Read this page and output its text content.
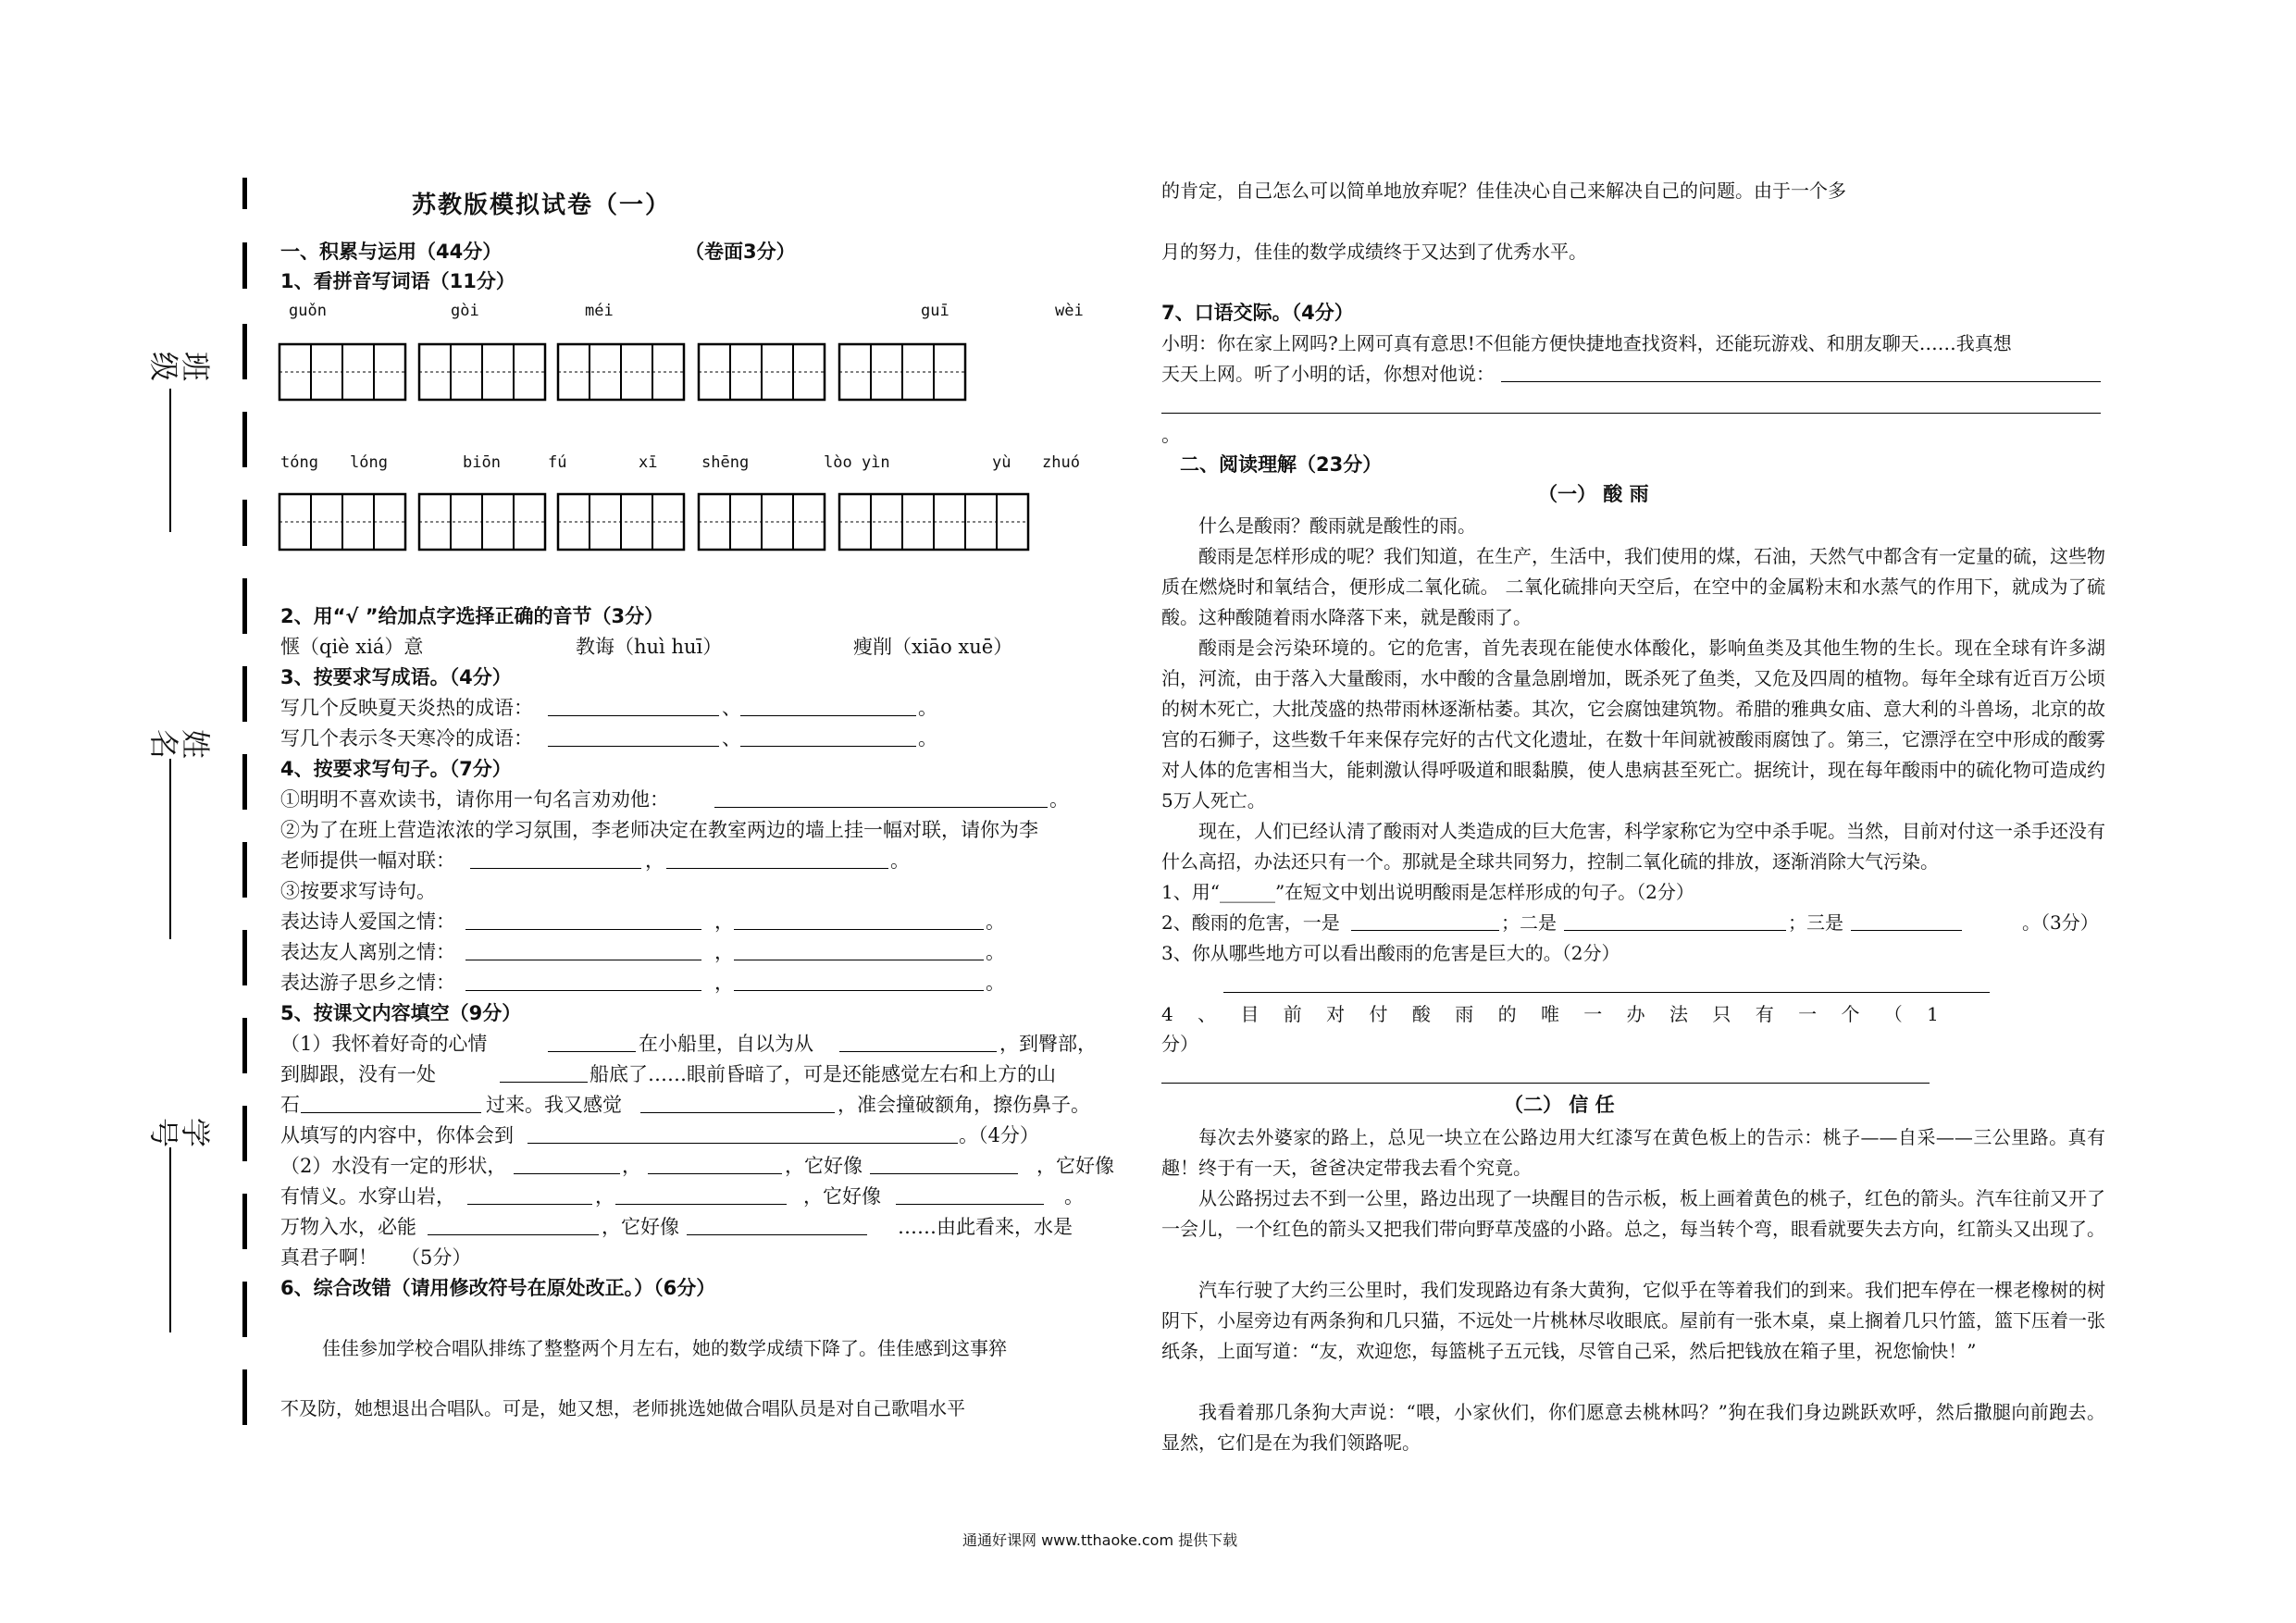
班级
姓名
学号
苏教版模拟试卷（一）
一、积累与运用（44分）	（卷面3分）
1、看拼音写词语（11分）
guǒn	gòi	méi	guī	wèi
tóng lóng	biōn	fú	xī	shēng	lòo yìn	yù zhuó
2、用“√ ”给加点字选择正确的音节（3分）
惬（qiè xiá）意	教诲（huì huī）	瘦削（xiāo xuē）
3、按要求写成语。（4分）
写几个反映夏天炎热的成语：	、	。
写几个表示冬天寒冷的成语：	、	。
4、按要求写句子。（7分）
①明明不喜欢读书，请你用一句名言劝劝他：	。
②为了在班上营造浓浓的学习氛围，李老师决定在教室两边的墙上挂一幅对联，请你为李
老师提供一幅对联：	，	。
③按要求写诗句。
表达诗人爱国之情：	，	。
表达友人离别之情：	，	。
表达游子思乡之情：	，	。
5、按课文内容填空（9分）
（1）我怀着好奇的心情	在小船里，自以为从	，到臀部，
到脚跟，没有一处	船底了……眼前昏暗了，可是还能感觉左右和上方的山
石	过来。我又感觉	，准会撞破额角，擦伤鼻子。
从填写的内容中，你体会到	。（4分）
（2）水没有一定的形状，	，	，它好像	，它好像
有情义。水穿山岩，	，	，它好像	。
万物入水，必能	，它好像	……由此看来，水是
真君子啊！ （5分）
6、综合改错（请用修改符号在原处改正。）（6分）
佳佳参加学校合唱队排练了整整两个月左右，她的数学成绩下降了。佳佳感到这事猝
不及防，她想退出合唱队。可是，她又想，老师挑选她做合唱队员是对自己歌唱水平
的肯定，自己怎么可以简单地放弃呢？佳佳决心自己来解决自己的问题。由于一个多
月的努力，佳佳的数学成绩终于又达到了优秀水平。
7、口语交际。（4分）
小明：你在家上网吗?上网可真有意思!不但能方便快捷地查找资料，还能玩游戏、和朋友聊天……我真想
天天上网。听了小明的话，你想对他说：
。
二、阅读理解（23分）
（一） 酸 雨
什么是酸雨？酸雨就是酸性的雨。
酸雨是怎样形成的呢？我们知道，在生产，生活中，我们使用的煤，石油，天然气中都含有一定量的硫，这些物质在燃烧时和氧结合，便形成二氧化硫。 二氧化硫排向天空后，在空中的金属粉末和水蒸气的作用下，就成为了硫酸。这种酸随着雨水降落下来，就是酸雨了。
酸雨是会污染环境的。它的危害，首先表现在能使水体酸化，影响鱼类及其他生物的生长。现在全球有许多湖泊，河流，由于落入大量酸雨，水中酸的含量急剧增加，既杀死了鱼类，又危及四周的植物。每年全球有近百万公顷的树木死亡，大批茂盛的热带雨林逐渐枯萎。其次，它会腐蚀建筑物。希腊的雅典女庙、意大利的斗兽场，北京的故宫的石狮子，这些数千年来保存完好的古代文化遗址，在数十年间就被酸雨腐蚀了。第三，它漂浮在空中形成的酸雾对人体的危害相当大，能刺激认得呼吸道和眼黏膜，使人患病甚至死亡。据统计，现在每年酸雨中的硫化物可造成约5万人死亡。
现在，人们已经认清了酸雨对人类造成的巨大危害，科学家称它为空中杀手呢。当然，目前对付这一杀手还没有什么高招，办法还只有一个。那就是全球共同努力，控制二氧化硫的排放，逐渐消除大气污染。
1、用“______”在短文中划出说明酸雨是怎样形成的句子。（2分）
2、酸雨的危害，一是	；二是	；三是	。（3分）
3、你从哪些地方可以看出酸雨的危害是巨大的。（2分）
4 、 目 前 对 付 酸 雨 的 唯 一 办 法 只 有 一 个 （ 1
分）
（二） 信 任
每次去外婆家的路上，总见一块立在公路边用大红漆写在黄色板上的告示：桃子——自采——三公里路。真有趣！终于有一天，爸爸决定带我去看个究竟。
从公路拐过去不到一公里，路边出现了一块醒目的告示板，板上画着黄色的桃子，红色的箭头。汽车往前又开了一会儿，一个红色的箭头又把我们带向野草茂盛的小路。总之，每当转个弯，眼看就要失去方向，红箭头又出现了。
汽车行驶了大约三公里时，我们发现路边有条大黄狗，它似乎在等着我们的到来。我们把车停在一棵老橡树的树阴下，小屋旁边有两条狗和几只猫，不远处一片桃林尽收眼底。屋前有一张木桌，桌上搁着几只竹篮，篮下压着一张纸条，上面写道：“友，欢迎您，每篮桃子五元钱，尽管自己采，然后把钱放在箱子里，祝您愉快！”
我看着那几条狗大声说：“喂，小家伙们，你们愿意去桃林吗？”狗在我们身边跳跃欢呼，然后撒腿向前跑去。显然，它们是在为我们领路呢。
通通好课网 www.tthaoke.com 提供下载
